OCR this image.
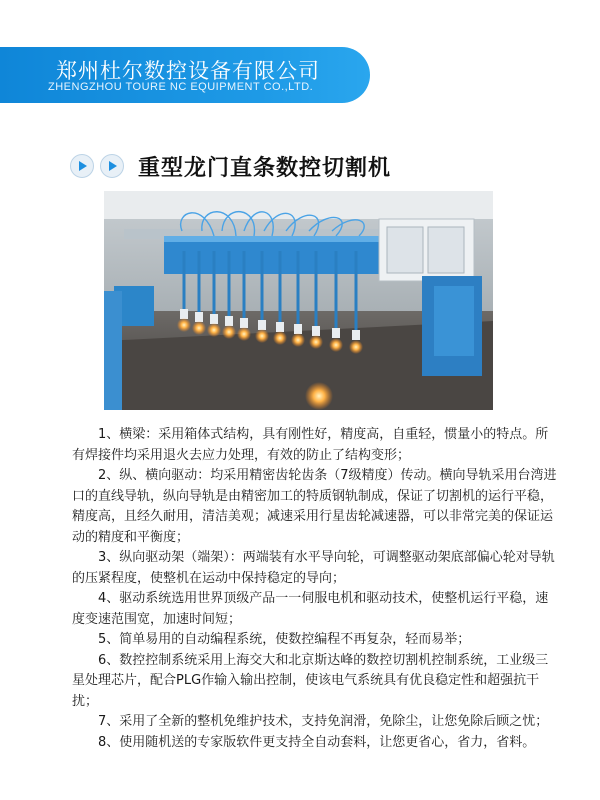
郑州杜尔数控设备有限公司
ZHENGZHOU TOURE NC EQUIPMENT CO.,LTD.
重型龙门直条数控切割机

1、横梁：采用箱体式结构，具有刚性好，精度高，自重轻，惯量小的特点。所有焊接件均采用退火去应力处理，有效的防止了结构变形；

2、纵、横向驱动：均采用精密齿轮齿条（7级精度）传动。横向导轨采用台湾进口的直线导轨，纵向导轨是由精密加工的特质钢轨制成，保证了切割机的运行平稳，精度高，且经久耐用，清洁美观；减速采用行星齿轮减速器，可以非常完美的保证运动的精度和平衡度；

3、纵向驱动架（端架）：两端装有水平导向轮，可调整驱动架底部偏心轮对导轨的压紧程度，使整机在运动中保持稳定的导向；

4、驱动系统选用世界顶级产品一一伺服电机和驱动技术，使整机运行平稳，速度变速范围宽，加速时间短；

5、简单易用的自动编程系统，使数控编程不再复杂，轻而易举；

6、数控控制系统采用上海交大和北京斯达峰的数控切割机控制系统，工业级三星处理芯片，配合PLG作输入输出控制，使该电气系统具有优良稳定性和超强抗干扰；

7、采用了全新的整机免维护技术，支持免润滑，免除尘，让您免除后顾之忧；

8、使用随机送的专家版软件更支持全自动套料，让您更省心，省力，省料。
